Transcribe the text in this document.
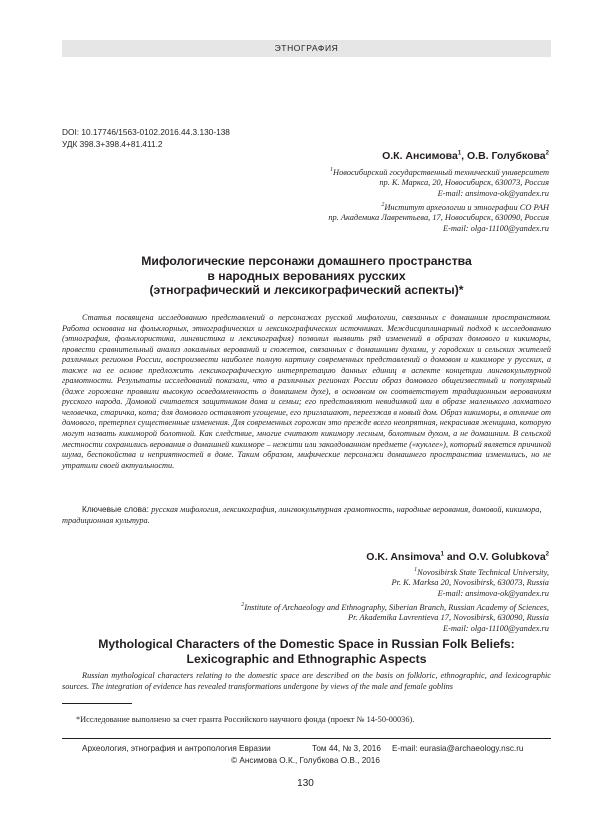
ЭТНОГРАФИЯ
DOI: 10.17746/1563-0102.2016.44.3.130-138
УДК 398.3+398.4+81.411.2
О.К. Ансимова$^1$, О.В. Голубкова$^2$
$^1$Новосибирский государственный технический университет
пр. К. Маркса, 20, Новосибирск, 630073, Россия
E-mail: ansimova-ok@yandex.ru
$^2$Институт археологии и этнографии СО РАН
пр. Академика Лаврентьева, 17, Новосибирск, 630090, Россия
E-mail: olga-11100@yandex.ru
Мифологические персонажи домашнего пространства
в народных верованиях русских
(этнографический и лексикографический аспекты)*
Статья посвящена исследованию представлений о персонажах русской мифологии, связанных с домашним пространством. Работа основана на фольклорных, этнографических и лексикографических источниках. Междисциплинарный подход к исследованию (этнография, фольклористика, лингвистика и лексикография) позволил выявить ряд изменений в образах домового и кикиморы, провести сравнительный анализ локальных верований и сюжетов, связанных с домашними духами, у городских и сельских жителей различных регионов России, воспроизвести наиболее полную картину современных представлений о домовом и кикиморе у русских, а также на ее основе предложить лексикографическую интерпретацию данных единиц в аспекте концепции лингвокультурной грамотности. Результаты исследований показали, что в различных регионах России образ домового общеизвестный и популярный (даже горожане проявили высокую осведомленность о домашнем духе), в основном он соответствует традиционным верованиям русского народа. Домовой считается защитником дома и семьи; его представляют невидимкой или в образе маленького лохматого человечка, старичка, кота; для домового оставляют угощение, его приглашают, переезжая в новый дом. Образ кикиморы, в отличие от домового, претерпел существенные изменения. Для современных горожан это прежде всего неопрятная, некрасивая женщина, которую могут назвать кикиморой болотной. Как следствие, многие считают кикимору лесным, болотным духом, а не домашним. В сельской местности сохранились верования о домашней кикиморе – нежити или заколдованном предмете («куклее»), который является причиной шума, беспокойства и неприятностей в доме. Таким образом, мифические персонажи домашнего пространства изменились, но не утратили своей актуальности.
Ключевые слова: русская мифология, лексикография, лингвокультурная грамотность, народные верования, домовой, кикимора, традиционная культура.
O.K. Ansimova$^1$ and O.V. Golubkova$^2$
$^1$Novosibirsk State Technical University,
Pr. K. Marksa 20, Novosibirsk, 630073, Russia
E-mail: ansimova-ok@yandex.ru
$^2$Institute of Archaeology and Ethnography, Siberian Branch, Russian Academy of Sciences,
Pr. Akademika Lavrentieva 17, Novosibirsk, 630090, Russia
E-mail: olga-11100@yandex.ru
Mythological Characters of the Domestic Space in Russian Folk Beliefs:
Lexicographic and Ethnographic Aspects
Russian mythological characters relating to the domestic space are described on the basis on folkloric, ethnographic, and lexicographic sources. The integration of evidence has revealed transformations undergone by views of the male and female goblins
*Исследование выполнено за счет гранта Российского научного фонда (проект № 14-50-00036).
Археология, этнография и антропология Евразии	Том 44, № 3, 2016 E-mail: eurasia@archaeology.nsc.ru
© Ансимова О.К., Голубкова О.В., 2016
130
